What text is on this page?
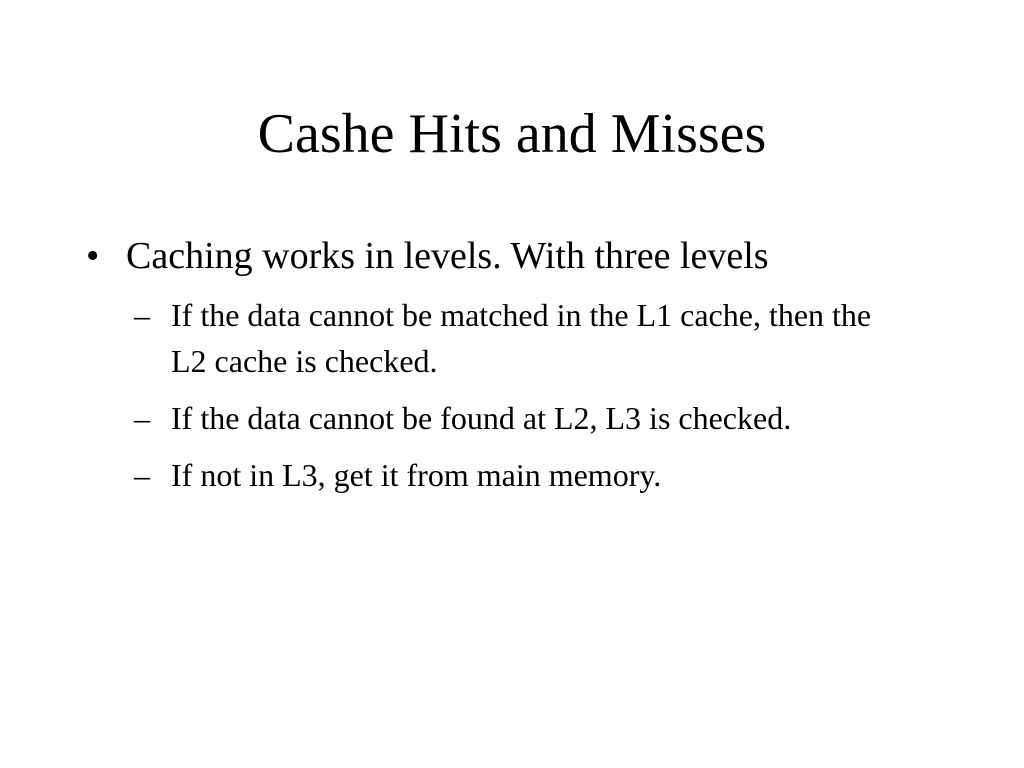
Cashe Hits and Misses
• Caching works in levels. With three levels
– If the data cannot be matched in the L1 cache, then the L2 cache is checked.
– If the data cannot be found at L2, L3 is checked.
– If not in L3, get it from main memory.
